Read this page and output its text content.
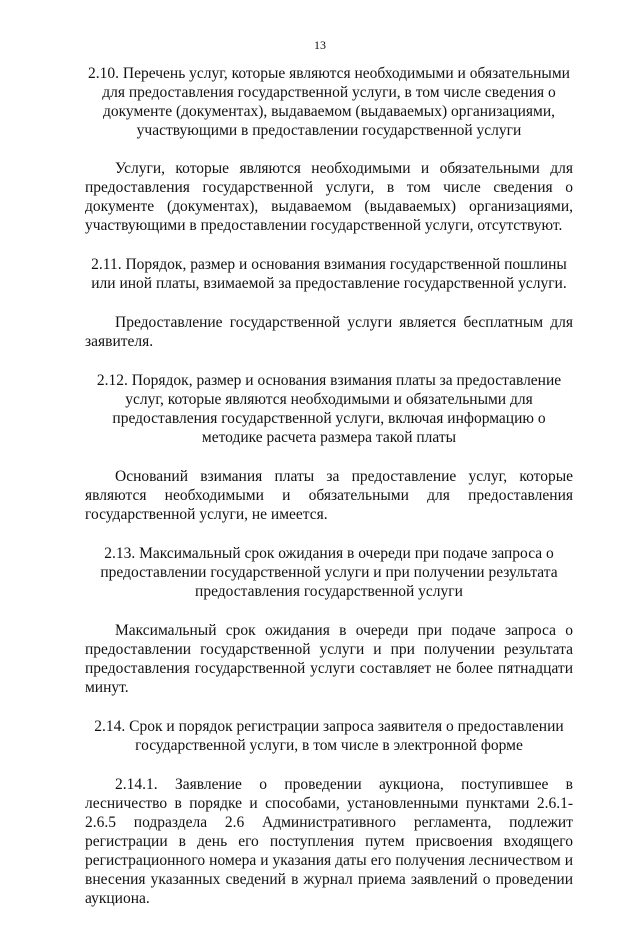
13
2.10. Перечень услуг, которые являются необходимыми и обязательными для предоставления государственной услуги, в том числе сведения о документе (документах), выдаваемом (выдаваемых) организациями, участвующими в предоставлении государственной услуги
Услуги, которые являются необходимыми и обязательными для предоставления государственной услуги, в том числе сведения о документе (документах), выдаваемом (выдаваемых) организациями, участвующими в предоставлении государственной услуги, отсутствуют.
2.11. Порядок, размер и основания взимания государственной пошлины или иной платы, взимаемой за предоставление государственной услуги.
Предоставление государственной услуги является бесплатным для заявителя.
2.12. Порядок, размер и основания взимания платы за предоставление услуг, которые являются необходимыми и обязательными для предоставления государственной услуги, включая информацию о методике расчета размера такой платы
Оснований взимания платы за предоставление услуг, которые являются необходимыми и обязательными для предоставления государственной услуги, не имеется.
2.13. Максимальный срок ожидания в очереди при подаче запроса о предоставлении государственной услуги и при получении результата предоставления государственной услуги
Максимальный срок ожидания в очереди при подаче запроса о предоставлении государственной услуги и при получении результата предоставления государственной услуги составляет не более пятнадцати минут.
2.14. Срок и порядок регистрации запроса заявителя о предоставлении государственной услуги, в том числе в электронной форме
2.14.1. Заявление о проведении аукциона, поступившее в лесничество в порядке и способами, установленными пунктами 2.6.1-2.6.5 подраздела 2.6 Административного регламента, подлежит регистрации в день его поступления путем присвоения входящего регистрационного номера и указания даты его получения лесничеством и внесения указанных сведений в журнал приема заявлений о проведении аукциона.
